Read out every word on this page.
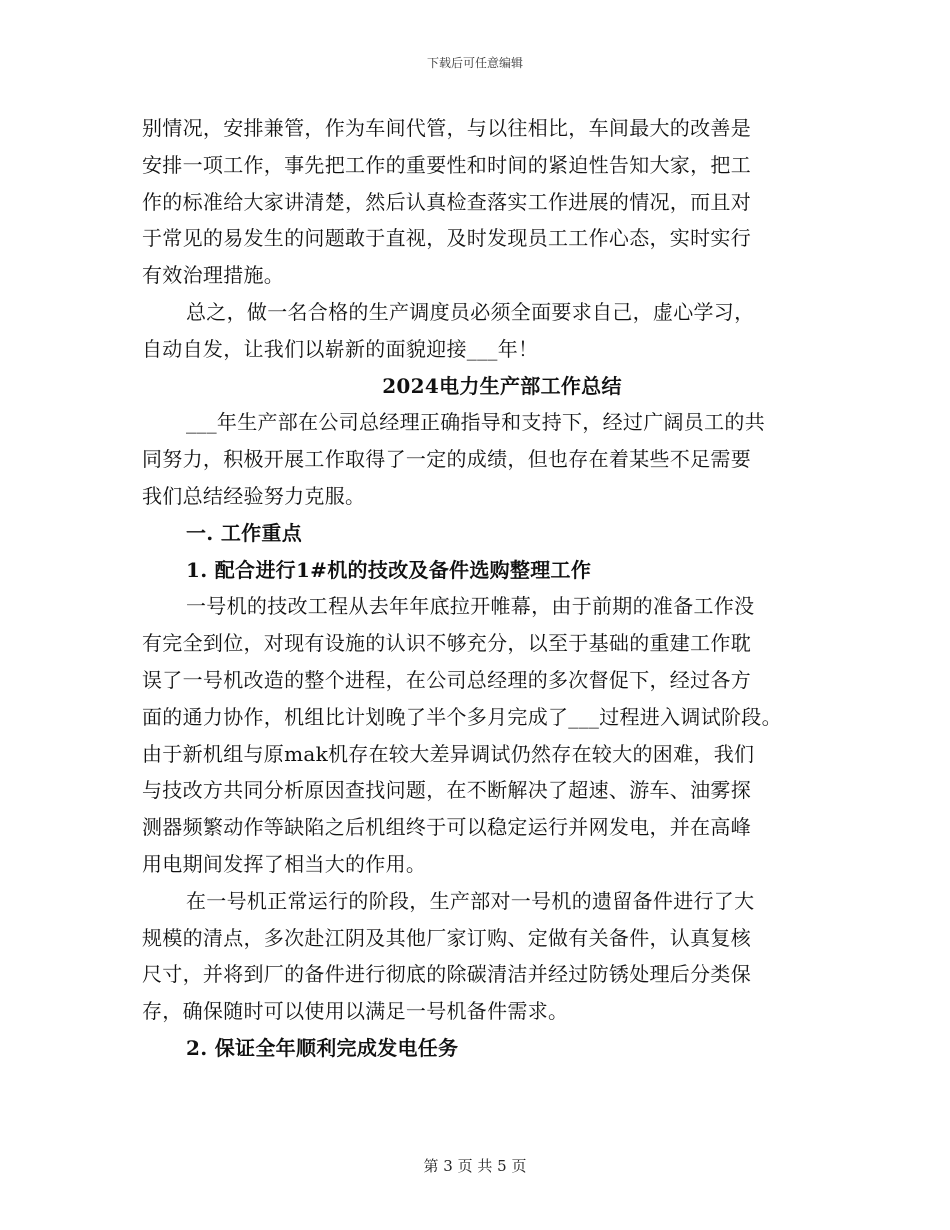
下载后可任意编辑
别情况，安排兼管，作为车间代管，与以往相比，车间最大的改善是
安排一项工作，事先把工作的重要性和时间的紧迫性告知大家，把工
作的标准给大家讲清楚，然后认真检查落实工作进展的情况，而且对
于常见的易发生的问题敢于直视，及时发现员工工作心态，实时实行
有效治理措施。
总之，做一名合格的生产调度员必须全面要求自己，虚心学习，
自动自发，让我们以崭新的面貌迎接___年！
2024电力生产部工作总结
___年生产部在公司总经理正确指导和支持下，经过广阔员工的共
同努力，积极开展工作取得了一定的成绩，但也存在着某些不足需要
我们总结经验努力克服。
一. 工作重点
1. 配合进行1#机的技改及备件选购整理工作
一号机的技改工程从去年年底拉开帷幕，由于前期的准备工作没
有完全到位，对现有设施的认识不够充分，以至于基础的重建工作耽
误了一号机改造的整个进程，在公司总经理的多次督促下，经过各方
面的通力协作，机组比计划晚了半个多月完成了___过程进入调试阶段。
由于新机组与原mak机存在较大差异调试仍然存在较大的困难，我们
与技改方共同分析原因查找问题，在不断解决了超速、游车、油雾探
测器频繁动作等缺陷之后机组终于可以稳定运行并网发电，并在高峰
用电期间发挥了相当大的作用。
在一号机正常运行的阶段，生产部对一号机的遗留备件进行了大
规模的清点，多次赴江阴及其他厂家订购、定做有关备件，认真复核
尺寸，并将到厂的备件进行彻底的除碳清洁并经过防锈处理后分类保
存，确保随时可以使用以满足一号机备件需求。
2. 保证全年顺利完成发电任务
第 3 页 共 5 页
